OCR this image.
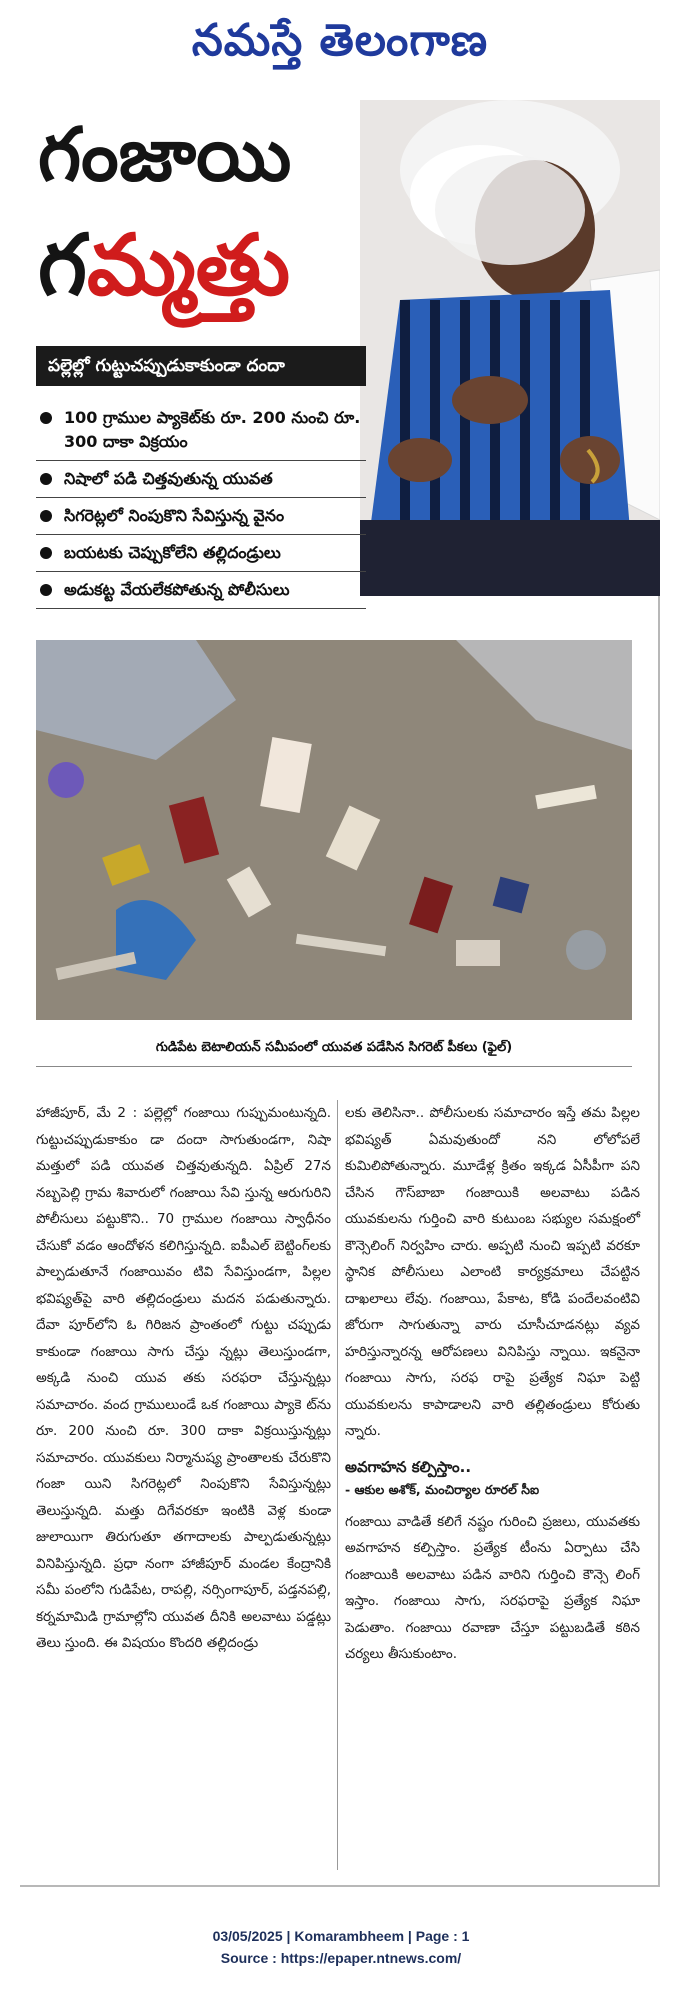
నమస్తే తెలంగాణ
గంజాయి
గమ్మత్తు
పల్లెల్లో గుట్టుచప్పుడుకాకుండా దందా
100 గ్రాముల ప్యాకెట్‌కు రూ. 200 నుంచి రూ. 300 దాకా విక్రయం
నిషాలో పడి చిత్తవుతున్న యువత
సిగరెట్లలో నింపుకొని సేవిస్తున్న వైనం
బయటకు చెప్పుకోలేని తల్లిదండ్రులు
అడుకట్ట వేయలేకపోతున్న పోలీసులు
గుడిపేట బెటాలియన్ సమీపంలో యువత పడేసిన సిగరెట్ పీకలు (ఫైల్)

హాజీపూర్, మే 2 : పల్లెల్లో గంజాయి గుప్పుమంటున్నది. గుట్టుచప్పుడుకాకుం డా దందా సాగుతుండగా, నిషా మత్తులో పడి యువత చిత్తవుతున్నది. ఏప్రిల్ 27న నబ్బపెల్లి గ్రామ శివారులో గంజాయి సేవి స్తున్న ఆరుగురిని పోలీసులు పట్టుకొని.. 70 గ్రాముల గంజాయి స్వాధీనం చేసుకో వడం ఆందోళన కలిగిస్తున్నది. ఐపీఎల్ బెట్టింగ్‌లకు పాల్పడుతూనే గంజాయివం టివి సేవిస్తుండగా, పిల్లల భవిష్యత్‌పై వారి తల్లిదండ్రులు మదన పడుతున్నారు. దేవా పూర్‌లోని ఓ గిరిజన ప్రాంతంలో గుట్టు చప్పుడు కాకుండా గంజాయి సాగు చేస్తు న్నట్లు తెలుస్తుండగా, అక్కడి నుంచి యువ తకు సరఫరా చేస్తున్నట్లు సమాచారం. వంద గ్రాములుండే ఒక గంజాయి ప్యాకె ట్‌ను రూ. 200 నుంచి రూ. 300 దాకా విక్రయిస్తున్నట్లు సమాచారం. యువకులు నిర్మానుష్య ప్రాంతాలకు చేరుకొని గంజా యిని సిగరెట్లలో నింపుకొని సేవిస్తున్నట్లు తెలుస్తున్నది. మత్తు దిగేవరకూ ఇంటికి వెళ్ల కుండా జులాయిగా తిరుగుతూ తగాదాలకు పాల్పడుతున్నట్లు వినిపిస్తున్నది. ప్రధా నంగా హాజీపూర్ మండల కేంద్రానికి సమీ పంలోని గుడిపేట, రాపల్లి, నర్సింగాపూర్, పడ్తనపల్లి, కర్నమామిడి గ్రామాల్లోని యువత దీనికి అలవాటు పడ్డట్లు తెలు స్తుంది. ఈ విషయం కొందరి తల్లిదండ్రు

లకు తెలిసినా.. పోలీసులకు సమాచారం ఇస్తే తమ పిల్లల భవిష్యత్ ఏమవుతుందో నని లోలోపలే కుమిలిపోతున్నారు. మూడేళ్ల క్రితం ఇక్కడ ఏసీపీగా పని చేసిన గౌస్‌బాబా గంజాయికి అలవాటు పడిన యువకులను గుర్తించి వారి కుటుంబ సభ్యుల సమక్షంలో కౌన్సెలింగ్ నిర్వహిం చారు. అప్పటి నుంచి ఇప్పటి వరకూ స్థానిక పోలీసులు ఎలాంటి కార్యక్రమాలు చేపట్టిన దాఖలాలు లేవు. గంజాయి, పేకాట, కోడి పందేలవంటివి జోరుగా సాగుతున్నా వారు చూసీచూడనట్లు వ్యవ హరిస్తున్నారన్న ఆరోపణలు వినిపిస్తు న్నాయి. ఇకనైనా గంజాయి సాగు, సరఫ రాపై ప్రత్యేక నిఘా పెట్టి యువకులను కాపాడాలని వారి తల్లితండ్రులు కోరుతు న్నారు.

అవగాహన కల్పిస్తాం..
- ఆకుల అశోక్, మంచిర్యాల రూరల్ సీఐ

గంజాయి వాడితే కలిగే నష్టం గురించి ప్రజలు, యువతకు అవగాహన కల్పిస్తాం. ప్రత్యేక టీంను ఏర్పాటు చేసి గంజాయికి అలవాటు పడిన వారిని గుర్తించి కౌన్సె లింగ్ ఇస్తాం. గంజాయి సాగు, సరఫరాపై ప్రత్యేక నిఘా పెడుతాం. గంజాయి రవాణా చేస్తూ పట్టుబడితే కఠిన చర్యలు తీసుకుంటాం.

03/05/2025 | Komarambheem | Page : 1
Source : https://epaper.ntnews.com/
